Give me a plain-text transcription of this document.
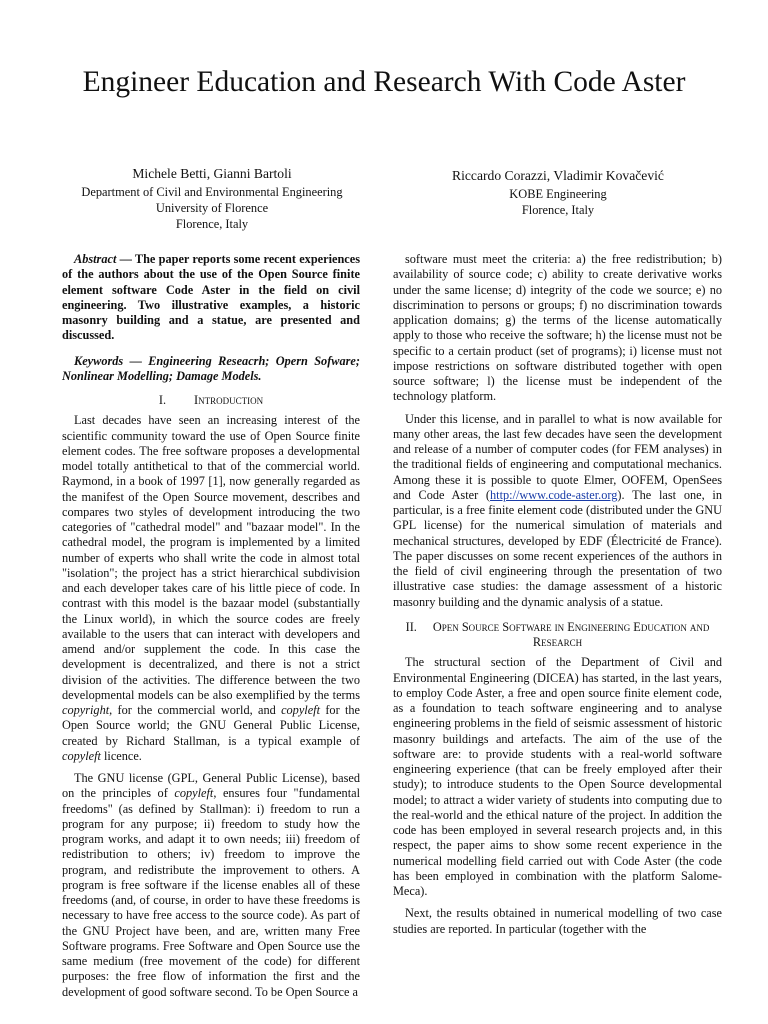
Engineer Education and Research With Code Aster
Michele Betti, Gianni Bartoli
Department of Civil and Environmental Engineering
University of Florence
Florence, Italy
Riccardo Corazzi, Vladimir Kovačević
KOBE Engineering
Florence, Italy

Abstract — The paper reports some recent experiences of the authors about the use of the Open Source finite element software Code Aster in the field on civil engineering. Two illustrative examples, a historic masonry building and a statue, are presented and discussed.

Keywords — Engineering Reseacrh; Opern Sofware; Nonlinear Modelling; Damage Models.

I. Introduction

Last decades have seen an increasing interest of the scientific community toward the use of Open Source finite element codes. The free software proposes a developmental model totally antithetical to that of the commercial world. Raymond, in a book of 1997 [1], now generally regarded as the manifest of the Open Source movement, describes and compares two styles of development introducing the two categories of "cathedral model" and "bazaar model". In the cathedral model, the program is implemented by a limited number of experts who shall write the code in almost total "isolation"; the project has a strict hierarchical subdivision and each developer takes care of his little piece of code. In contrast with this model is the bazaar model (substantially the Linux world), in which the source codes are freely available to the users that can interact with developers and amend and/or supplement the code. In this case the development is decentralized, and there is not a strict division of the activities. The difference between the two developmental models can be also exemplified by the terms copyright, for the commercial world, and copyleft for the Open Source world; the GNU General Public License, created by Richard Stallman, is a typical example of copyleft licence.

The GNU license (GPL, General Public License), based on the principles of copyleft, ensures four "fundamental freedoms" (as defined by Stallman): i) freedom to run a program for any purpose; ii) freedom to study how the program works, and adapt it to own needs; iii) freedom of redistribution to others; iv) freedom to improve the program, and redistribute the improvement to others. A program is free software if the license enables all of these freedoms (and, of course, in order to have these freedoms is necessary to have free access to the source code). As part of the GNU Project have been, and are, written many Free Software programs. Free Software and Open Source use the same medium (free movement of the code) for different purposes: the free flow of information the first and the development of good software second. To be Open Source a

software must meet the criteria: a) the free redistribution; b) availability of source code; c) ability to create derivative works under the same license; d) integrity of the code we source; e) no discrimination to persons or groups; f) no discrimination towards application domains; g) the terms of the license automatically apply to those who receive the software; h) the license must not be specific to a certain product (set of programs); i) license must not impose restrictions on software distributed together with open source software; l) the license must be independent of the technology platform.

Under this license, and in parallel to what is now available for many other areas, the last few decades have seen the development and release of a number of computer codes (for FEM analyses) in the traditional fields of engineering and computational mechanics. Among these it is possible to quote Elmer, OOFEM, OpenSees and Code Aster (http://www.code-aster.org). The last one, in particular, is a free finite element code (distributed under the GNU GPL license) for the numerical simulation of materials and mechanical structures, developed by EDF (Électricité de France). The paper discusses on some recent experiences of the authors in the field of civil engineering through the presentation of two illustrative case studies: the damage assessment of a historic masonry building and the dynamic analysis of a statue.

II. Open Source Software in Engineering Education and Research

The structural section of the Department of Civil and Environmental Engineering (DICEA) has started, in the last years, to employ Code Aster, a free and open source finite element code, as a foundation to teach software engineering and to analyse engineering problems in the field of seismic assessment of historic masonry buildings and artefacts. The aim of the use of the software are: to provide students with a real-world software engineering experience (that can be freely employed after their study); to introduce students to the Open Source developmental model; to attract a wider variety of students into computing due to the real-world and the ethical nature of the project. In addition the code has been employed in several research projects and, in this respect, the paper aims to show some recent experience in the numerical modelling field carried out with Code Aster (the code has been employed in combination with the platform Salome-Meca).

Next, the results obtained in numerical modelling of two case studies are reported. In particular (together with the
